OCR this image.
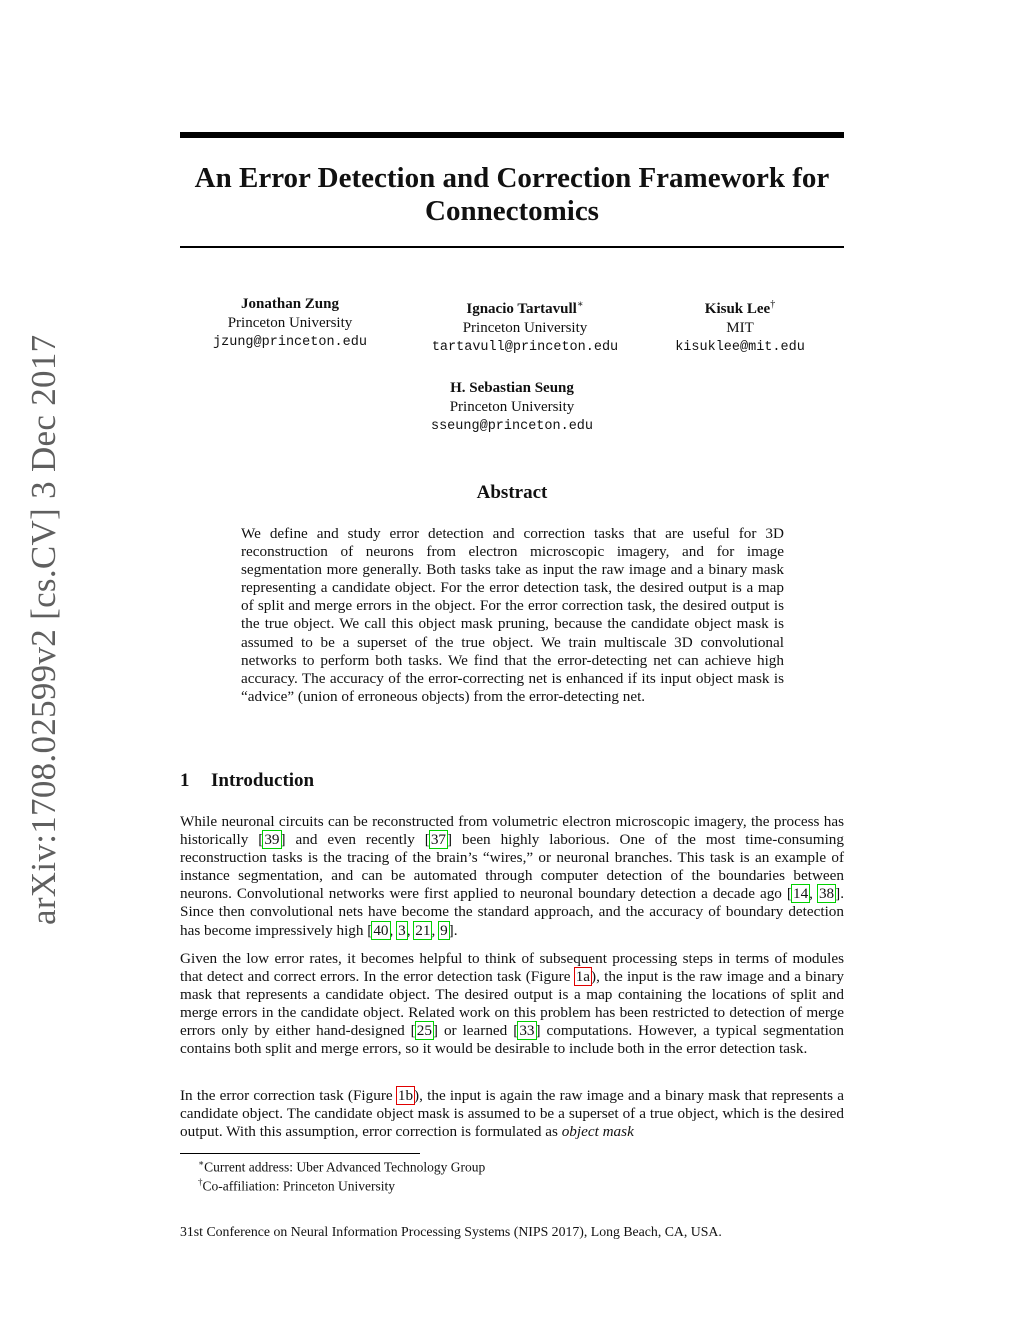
arXiv:1708.02599v2 [cs.CV] 3 Dec 2017
An Error Detection and Correction Framework for Connectomics
Jonathan Zung
Princeton University
jzung@princeton.edu
Ignacio Tartavull∗
Princeton University
tartavull@princeton.edu
Kisuk Lee†
MIT
kisuklee@mit.edu
H. Sebastian Seung
Princeton University
sseung@princeton.edu
Abstract
We define and study error detection and correction tasks that are useful for 3D reconstruction of neurons from electron microscopic imagery, and for image segmentation more generally. Both tasks take as input the raw image and a binary mask representing a candidate object. For the error detection task, the desired output is a map of split and merge errors in the object. For the error correction task, the desired output is the true object. We call this object mask pruning, because the candidate object mask is assumed to be a superset of the true object. We train multiscale 3D convolutional networks to perform both tasks. We find that the error-detecting net can achieve high accuracy. The accuracy of the error-correcting net is enhanced if its input object mask is “advice” (union of erroneous objects) from the error-detecting net.
1 Introduction
While neuronal circuits can be reconstructed from volumetric electron microscopic imagery, the process has historically [39] and even recently [37] been highly laborious. One of the most time-consuming reconstruction tasks is the tracing of the brain’s “wires,” or neuronal branches. This task is an example of instance segmentation, and can be automated through computer detection of the boundaries between neurons. Convolutional networks were first applied to neuronal boundary detection a decade ago [14, 38]. Since then convolutional nets have become the standard approach, and the accuracy of boundary detection has become impressively high [40, 3, 21, 9].
Given the low error rates, it becomes helpful to think of subsequent processing steps in terms of modules that detect and correct errors. In the error detection task (Figure 1a), the input is the raw image and a binary mask that represents a candidate object. The desired output is a map containing the locations of split and merge errors in the candidate object. Related work on this problem has been restricted to detection of merge errors only by either hand-designed [25] or learned [33] computations. However, a typical segmentation contains both split and merge errors, so it would be desirable to include both in the error detection task.
In the error correction task (Figure 1b), the input is again the raw image and a binary mask that represents a candidate object. The candidate object mask is assumed to be a superset of a true object, which is the desired output. With this assumption, error correction is formulated as object mask
∗Current address: Uber Advanced Technology Group
†Co-affiliation: Princeton University
31st Conference on Neural Information Processing Systems (NIPS 2017), Long Beach, CA, USA.
